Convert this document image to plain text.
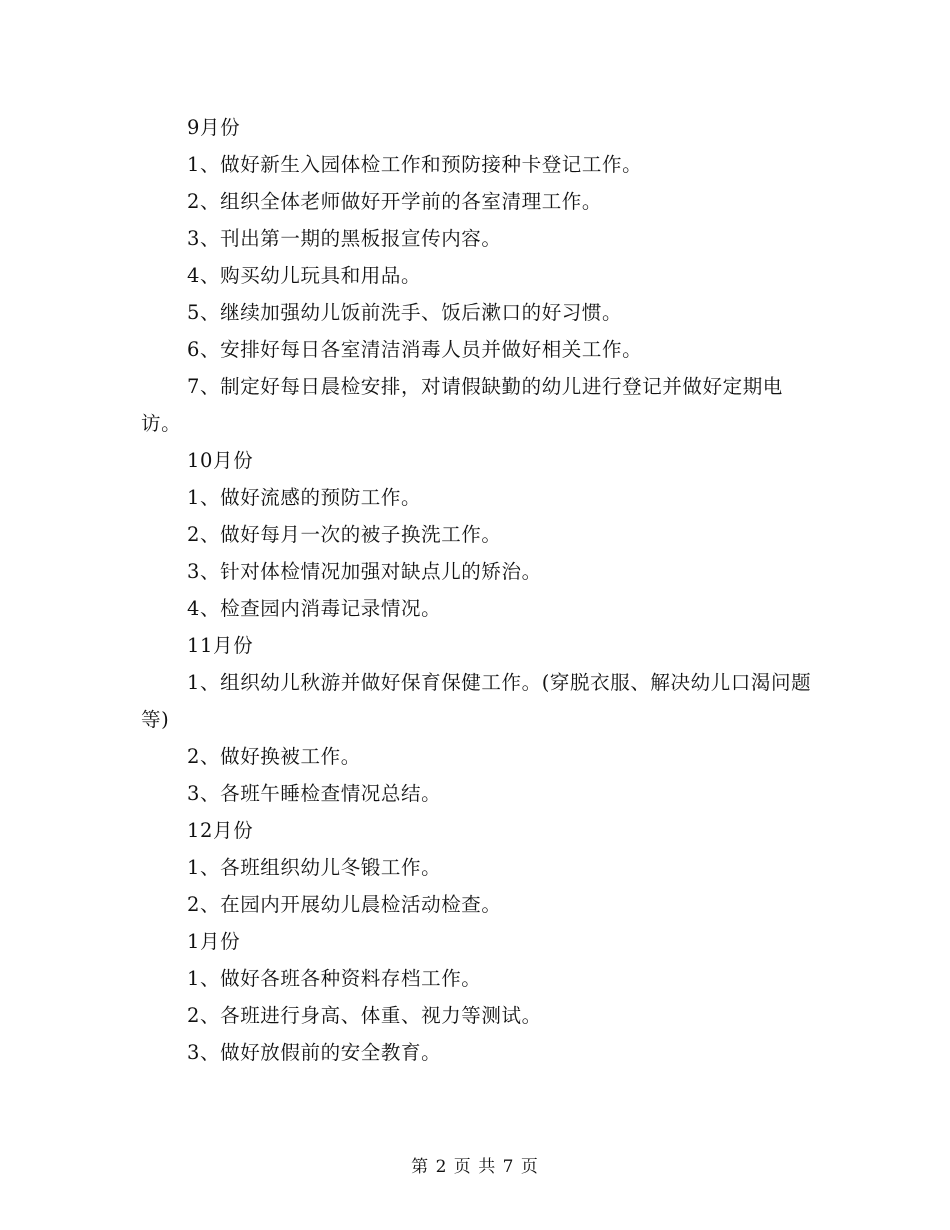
9月份

1、做好新生入园体检工作和预防接种卡登记工作。

2、组织全体老师做好开学前的各室清理工作。

3、刊出第一期的黑板报宣传内容。

4、购买幼儿玩具和用品。

5、继续加强幼儿饭前洗手、饭后漱口的好习惯。

6、安排好每日各室清洁消毒人员并做好相关工作。

7、制定好每日晨检安排，对请假缺勤的幼儿进行登记并做好定期电访。

10月份

1、做好流感的预防工作。

2、做好每月一次的被子换洗工作。

3、针对体检情况加强对缺点儿的矫治。

4、检查园内消毒记录情况。

11月份

1、组织幼儿秋游并做好保育保健工作。(穿脱衣服、解决幼儿口渴问题等)

2、做好换被工作。

3、各班午睡检查情况总结。

12月份

1、各班组织幼儿冬锻工作。

2、在园内开展幼儿晨检活动检查。

1月份

1、做好各班各种资料存档工作。

2、各班进行身高、体重、视力等测试。

3、做好放假前的安全教育。

第 2 页 共 7 页
